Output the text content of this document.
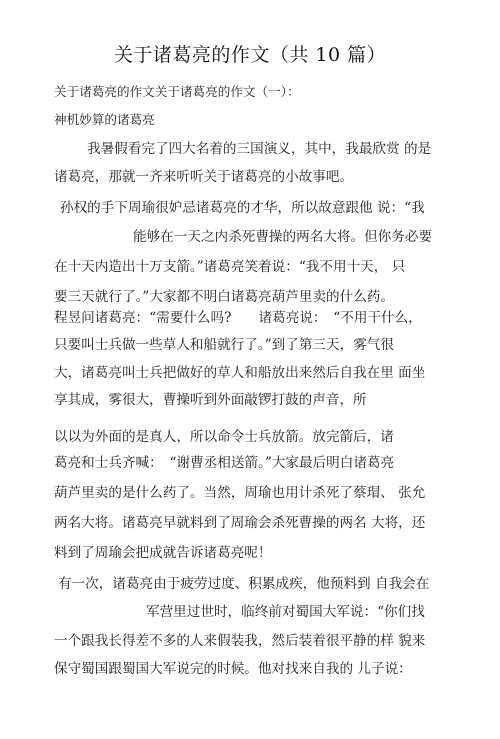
关于诸葛亮的作文（共 10 篇）
关于诸葛亮的作文关于诸葛亮的作文（一）：
神机妙算的诸葛亮
我暑假看完了四大名着的三国演义，其中，我最欣赏 的是
诸葛亮，那就一齐来听听关于诸葛亮的小故事吧。
孙权的手下周瑜很妒忌诸葛亮的才华，所以故意跟他 说：“我
能够在一天之内杀死曹操的两名大将。但你务必要
在十天内造出十万支箭。”诸葛亮笑着说：“我不用十天， 只
要三天就行了。”大家都不明白诸葛亮葫芦里卖的什么药。
程昱问诸葛亮：“需要什么吗?　　诸葛亮说：　“不用干什么，
只要叫士兵做一些草人和船就行了。”到了第三天，雾气很
大，诸葛亮叫士兵把做好的草人和船放出来然后自我在里 面坐
享其成，雾很大，曹操听到外面敲锣打鼓的声音，所
以以为外面的是真人，所以命令士兵放箭。放完箭后，诸
葛亮和士兵齐喊：　“谢曹丞相送箭。”大家最后明白诸葛亮
葫芦里卖的是什么药了。当然，周瑜也用计杀死了蔡瑁、 张允
两名大将。诸葛亮早就料到了周瑜会杀死曹操的两名 大将，还
料到了周瑜会把成就告诉诸葛亮呢！
有一次，诸葛亮由于疲劳过度、积累成疾，他预料到 自我会在
军营里过世时，临终前对蜀国大军说：“你们找
一个跟我长得差不多的人来假装我，然后装着很平静的样 貌来
保守蜀国跟蜀国大军说完的时候。他对找来自我的 儿子说：
